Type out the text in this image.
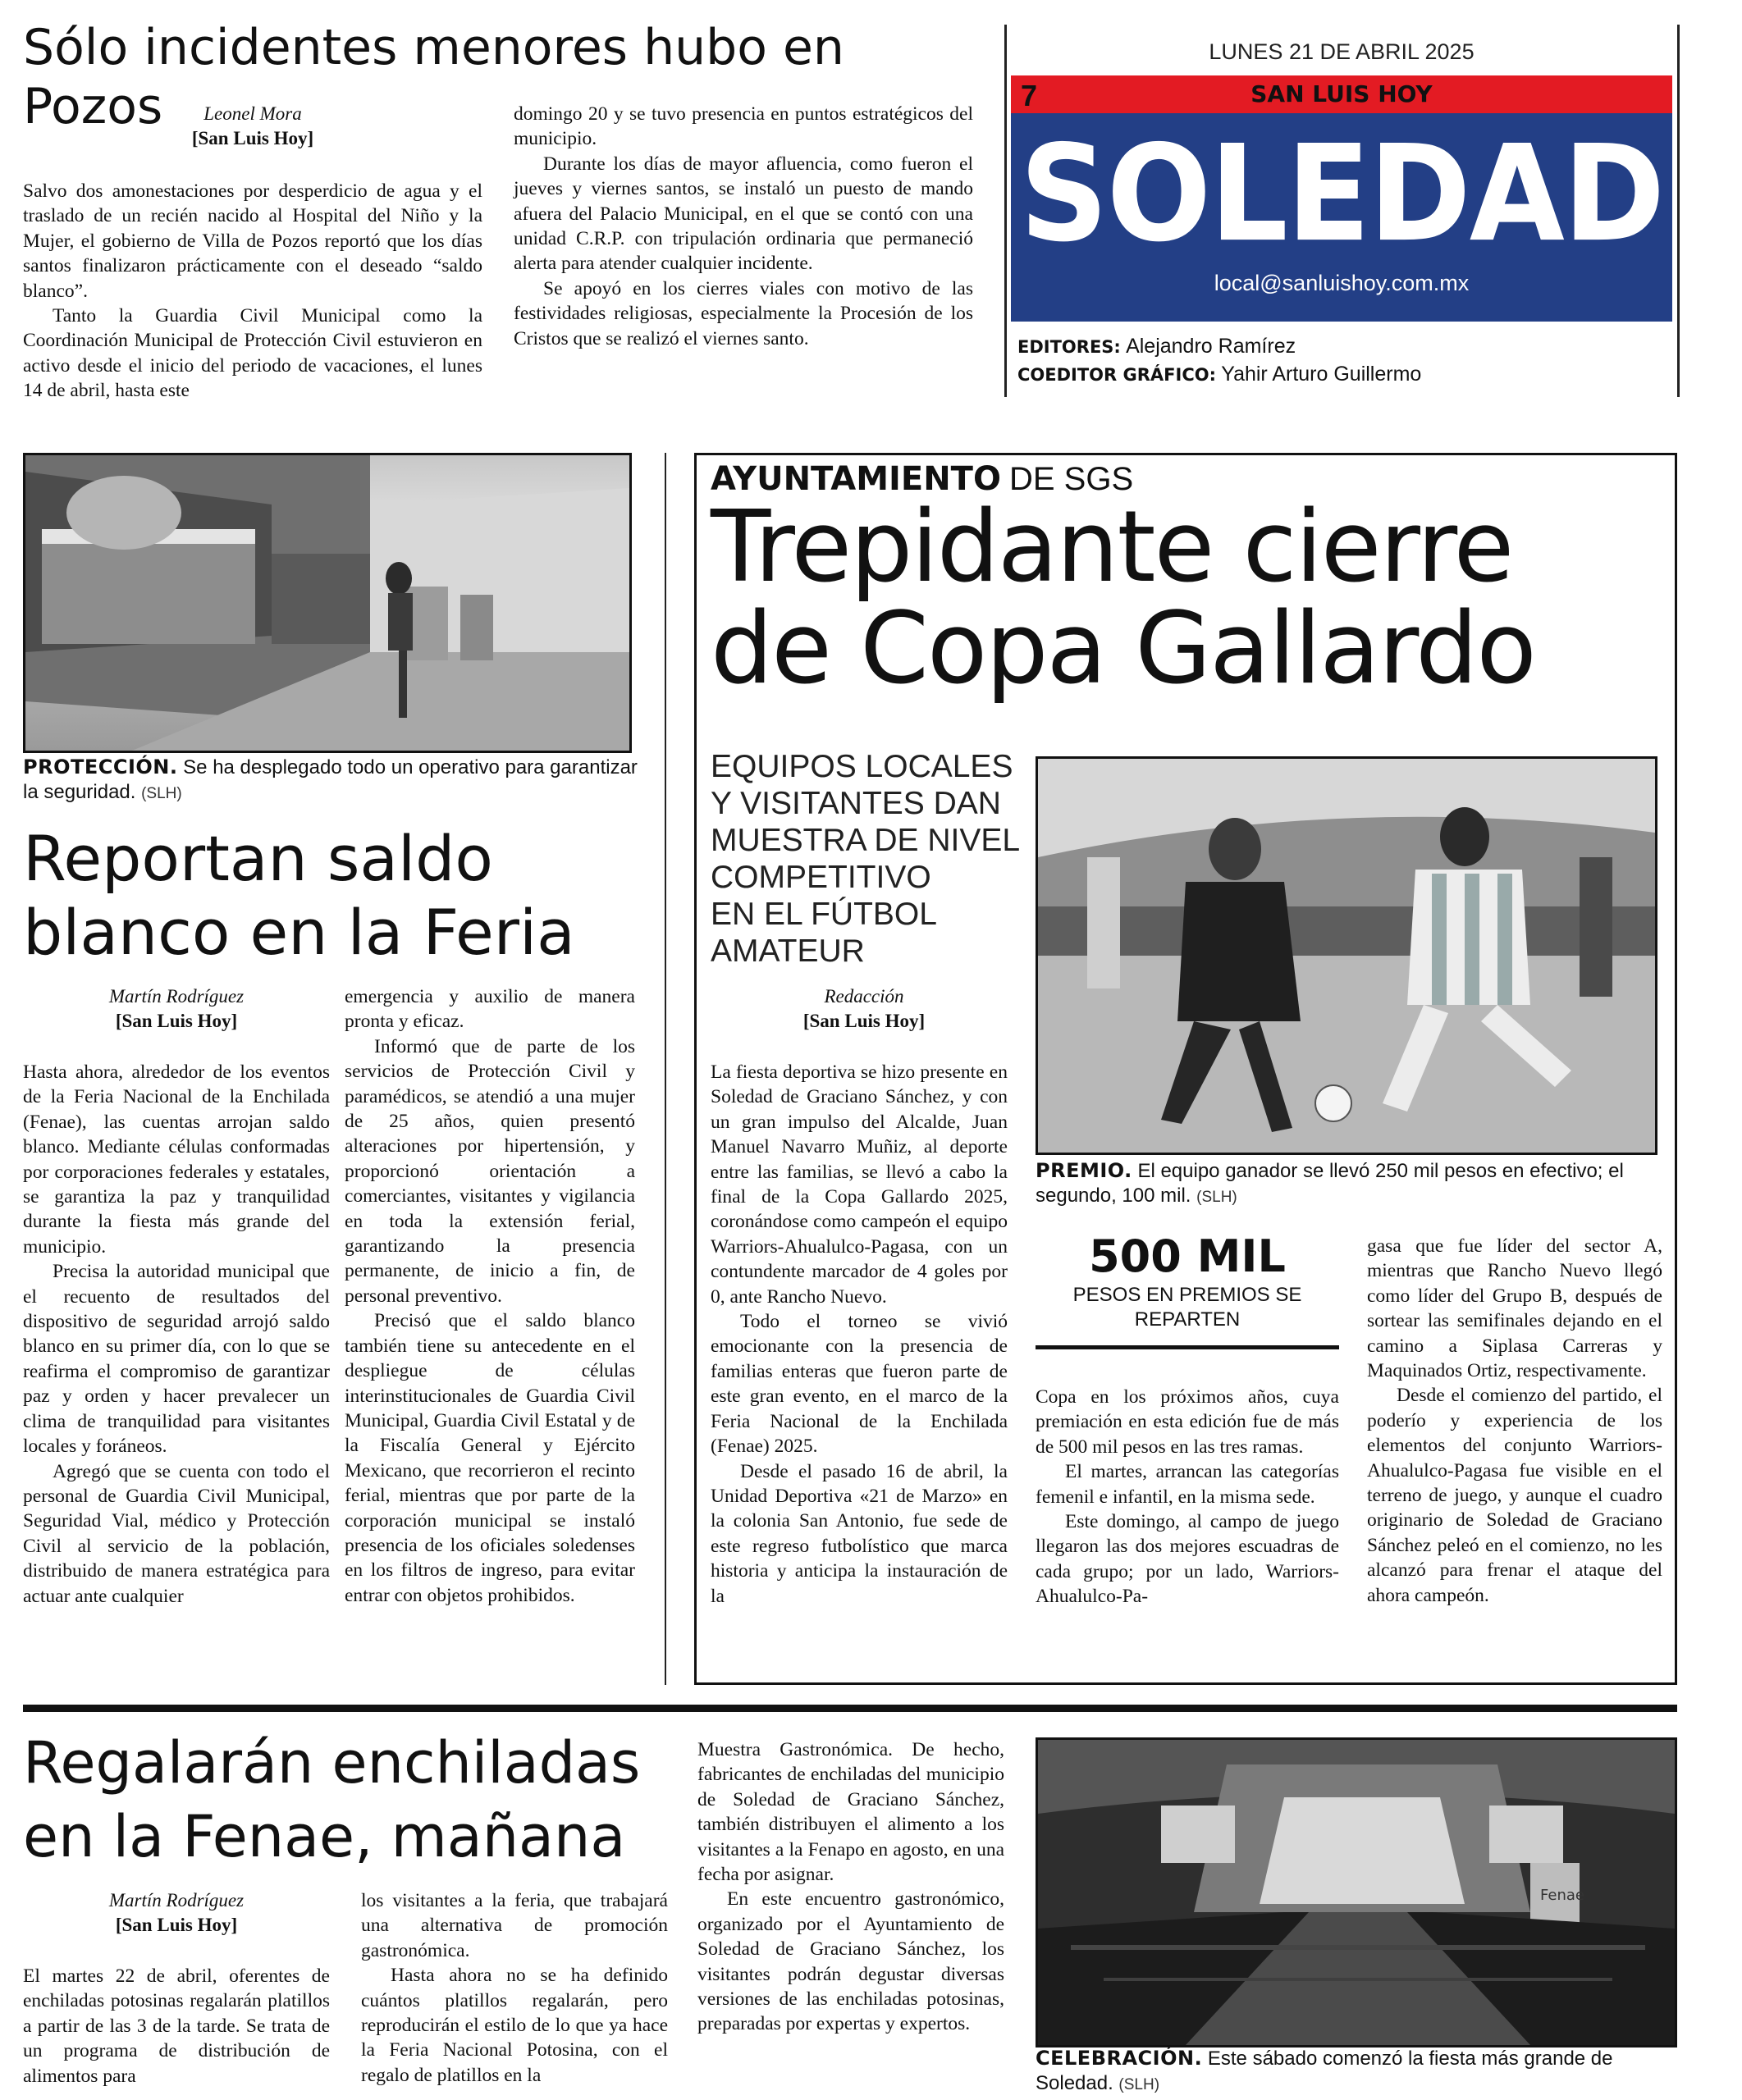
Sólo incidentes menores hubo en Pozos	Leonel Mora
[San Luis Hoy]

Salvo dos amonestaciones por desperdicio de agua y el traslado de un recién nacido al Hospital del Niño y la Mujer, el gobierno de Villa de Pozos reportó que los días santos finalizaron prácticamente con el deseado “saldo blanco”.

Tanto la Guardia Civil Municipal como la Coordinación Municipal de Protección Civil estuvieron en activo desde el inicio del periodo de vacaciones, el lunes 14 de abril, hasta este

domingo 20 y se tuvo presencia en puntos estratégicos del municipio.

Durante los días de mayor afluencia, como fueron el jueves y viernes santos, se instaló un puesto de mando afuera del Palacio Municipal, en el que se contó con una unidad C.R.P. con tripulación ordinaria que permaneció alerta para atender cualquier incidente.

Se apoyó en los cierres viales con motivo de las festividades religiosas, especialmente la Procesión de los Cristos que se realizó el viernes santo.

LUNES 21 DE ABRIL 2025
7	SAN LUIS HOY
SOLEDAD
local@sanluishoy.com.mx
EDITORES: Alejandro Ramírez
COEDITOR GRÁFICO: Yahir Arturo Guillermo
PROTECCIÓN. Se ha desplegado todo un operativo para garantizar la seguridad. (SLH)
Reportan saldo
blanco en la Feria
Martín Rodríguez
[San Luis Hoy]

Hasta ahora, alrededor de los eventos de la Feria Nacional de la Enchilada (Fenae), las cuentas arrojan saldo blanco. Mediante células conformadas por corporaciones federales y estatales, se garantiza la paz y tranquilidad durante la fiesta más grande del municipio.

Precisa la autoridad municipal que el recuento de resultados del dispositivo de seguridad arrojó saldo blanco en su primer día, con lo que se reafirma el compromiso de garantizar paz y orden y hacer prevalecer un clima de tranquilidad para visitantes locales y foráneos.

Agregó que se cuenta con todo el personal de Guardia Civil Municipal, Seguridad Vial, médico y Protección Civil al servicio de la población, distribuido de manera estratégica para actuar ante cualquier

emergencia y auxilio de manera pronta y eficaz.

Informó que de parte de los servicios de Protección Civil y paramédicos, se atendió a una mujer de 25 años, quien presentó alteraciones por hipertensión, y proporcionó orientación a comerciantes, visitantes y vigilancia en toda la extensión ferial, garantizando la presencia permanente, de inicio a fin, de personal preventivo.

Precisó que el saldo blanco también tiene su antecedente en el despliegue de células interinstitucionales de Guardia Civil Municipal, Guardia Civil Estatal y de la Fiscalía General y Ejército Mexicano, que recorrieron el recinto ferial, mientras que por parte de la corporación municipal se instaló presencia de los oficiales soledenses en los filtros de ingreso, para evitar entrar con objetos prohibidos.

AYUNTAMIENTO DE SGS
Trepidante cierre
de Copa Gallardo
EQUIPOS LOCALES
Y VISITANTES DAN
MUESTRA DE NIVEL
COMPETITIVO
EN EL FÚTBOL
AMATEUR
PREMIO. El equipo ganador se llevó 250 mil pesos en efectivo; el segundo, 100 mil. (SLH)
Redacción
[San Luis Hoy]

La fiesta deportiva se hizo presente en Soledad de Graciano Sánchez, y con un gran impulso del Alcalde, Juan Manuel Navarro Muñiz, al deporte entre las familias, se llevó a cabo la final de la Copa Gallardo 2025, coronándose como campeón el equipo Warriors-Ahualulco-Pagasa, con un contundente marcador de 4 goles por 0, ante Rancho Nuevo.

Todo el torneo se vivió emocionante con la presencia de familias enteras que fueron parte de este gran evento, en el marco de la Feria Nacional de la Enchilada (Fenae) 2025.

Desde el pasado 16 de abril, la Unidad Deportiva «21 de Marzo» en la colonia San Antonio, fue sede de este regreso futbolístico que marca historia y anticipa la instauración de la

500 MIL
PESOS EN PREMIOS SE REPARTEN

Copa en los próximos años, cuya premiación en esta edición fue de más de 500 mil pesos en las tres ramas.

El martes, arrancan las categorías femenil e infantil, en la misma sede.

Este domingo, al campo de juego llegaron las dos mejores escuadras de cada grupo; por un lado, Warriors-Ahualulco-Pa-

gasa que fue líder del sector A, mientras que Rancho Nuevo llegó como líder del Grupo B, después de sortear las semifinales dejando en el camino a Siplasa Carreras y Maquinados Ortiz, respectivamente.

Desde el comienzo del partido, el poderío y experiencia de los elementos del conjunto Warriors-Ahualulco-Pagasa fue visible en el terreno de juego, y aunque el cuadro originario de Soledad de Graciano Sánchez peleó en el comienzo, no les alcanzó para frenar el ataque del ahora campeón.

Regalarán enchiladas
en la Fenae, mañana
Martín Rodríguez
[San Luis Hoy]

El martes 22 de abril, oferentes de enchiladas potosinas regalarán platillos a partir de las 3 de la tarde. Se trata de un programa de distribución de alimentos para

los visitantes a la feria, que trabajará una alternativa de promoción gastronómica.

Hasta ahora no se ha definido cuántos platillos regalarán, pero reproducirán el estilo de lo que ya hace la Feria Nacional Potosina, con el regalo de platillos en la

Muestra Gastronómica. De hecho, fabricantes de enchiladas del municipio de Soledad de Graciano Sánchez, también distribuyen el alimento a los visitantes a la Fenapo en agosto, en una fecha por asignar.

En este encuentro gastronómico, organizado por el Ayuntamiento de Soledad de Graciano Sánchez, los visitantes podrán degustar diversas versiones de las enchiladas potosinas, preparadas por expertas y expertos.

Fenae
CELEBRACIÓN. Este sábado comenzó la fiesta más grande de Soledad. (SLH)
